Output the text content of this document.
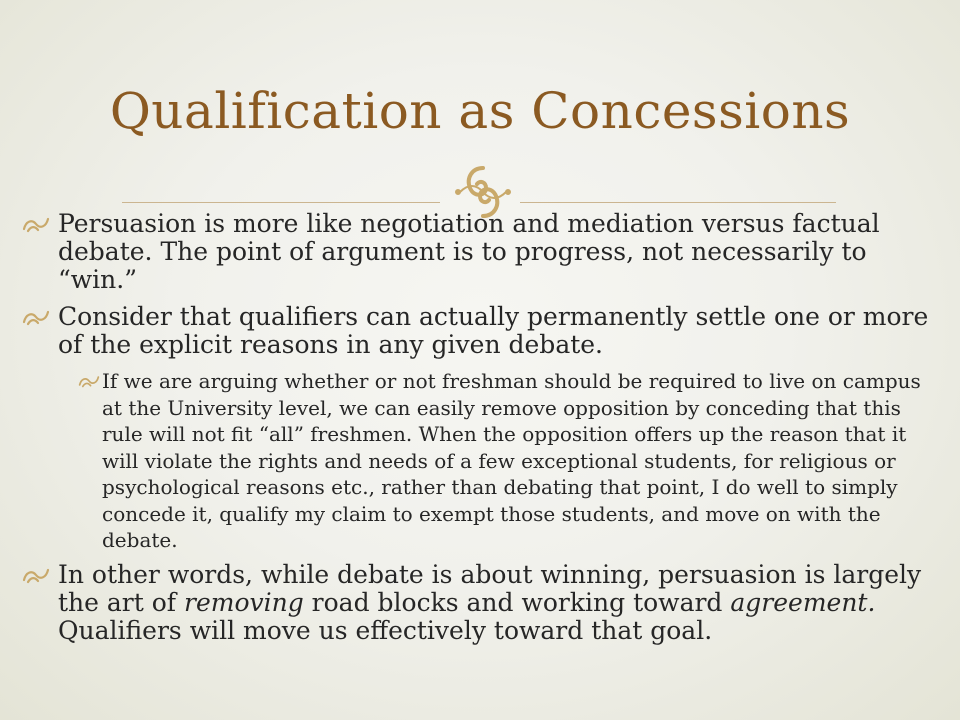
Qualification as Concessions
Persuasion is more like negotiation and mediation versus factual debate. The point of argument is to progress, not necessarily to “win.”
Consider that qualifiers can actually permanently settle one or more of the explicit reasons in any given debate.
If we are arguing whether or not freshman should be required to live on campus at the University level, we can easily remove opposition by conceding that this rule will not fit “all” freshmen. When the opposition offers up the reason that it will violate the rights and needs of a few exceptional students, for religious or psychological reasons etc., rather than debating that point, I do well to simply concede it, qualify my claim to exempt those students, and move on with the debate.
In other words, while debate is about winning, persuasion is largely the art of removing road blocks and working toward agreement. Qualifiers will move us effectively toward that goal.
